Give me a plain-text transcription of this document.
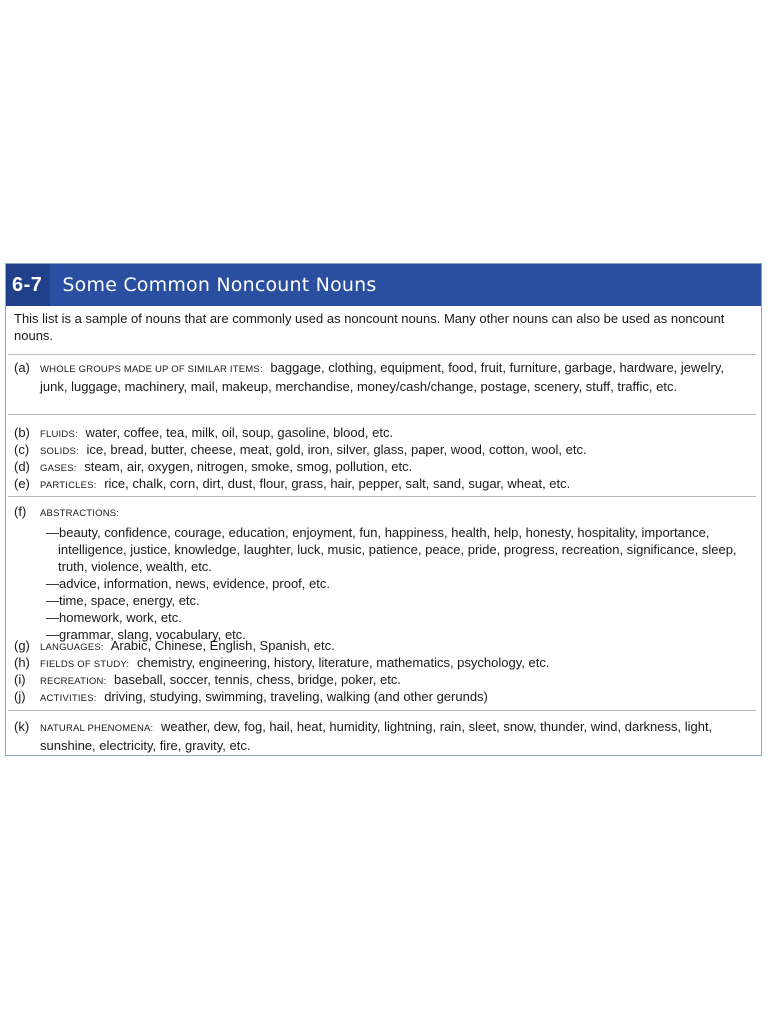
6-7	Some Common Noncount Nouns
This list is a sample of nouns that are commonly used as noncount nouns. Many other nouns can also be used as noncount nouns.
(a)	WHOLE GROUPS MADE UP OF SIMILAR ITEMS: baggage, clothing, equipment, food, fruit, furniture, garbage, hardware, jewelry, junk, luggage, machinery, mail, makeup, merchandise, money/cash/change, postage, scenery, stuff, traffic, etc.
(b)	FLUIDS: water, coffee, tea, milk, oil, soup, gasoline, blood, etc.
(c)	SOLIDS: ice, bread, butter, cheese, meat, gold, iron, silver, glass, paper, wood, cotton, wool, etc.
(d)	GASES: steam, air, oxygen, nitrogen, smoke, smog, pollution, etc.
(e)	PARTICLES: rice, chalk, corn, dirt, dust, flour, grass, hair, pepper, salt, sand, sugar, wheat, etc.
(f)	ABSTRACTIONS:
—beauty, confidence, courage, education, enjoyment, fun, happiness, health, help, honesty, hospitality, importance, intelligence, justice, knowledge, laughter, luck, music, patience, peace, pride, progress, recreation, significance, sleep, truth, violence, wealth, etc.
—advice, information, news, evidence, proof, etc.
—time, space, energy, etc.
—homework, work, etc.
—grammar, slang, vocabulary, etc.
(g)	LANGUAGES: Arabic, Chinese, English, Spanish, etc.
(h)	FIELDS OF STUDY: chemistry, engineering, history, literature, mathematics, psychology, etc.
(i)	RECREATION: baseball, soccer, tennis, chess, bridge, poker, etc.
(j)	ACTIVITIES: driving, studying, swimming, traveling, walking (and other gerunds)
(k)	NATURAL PHENOMENA: weather, dew, fog, hail, heat, humidity, lightning, rain, sleet, snow, thunder, wind, darkness, light, sunshine, electricity, fire, gravity, etc.
